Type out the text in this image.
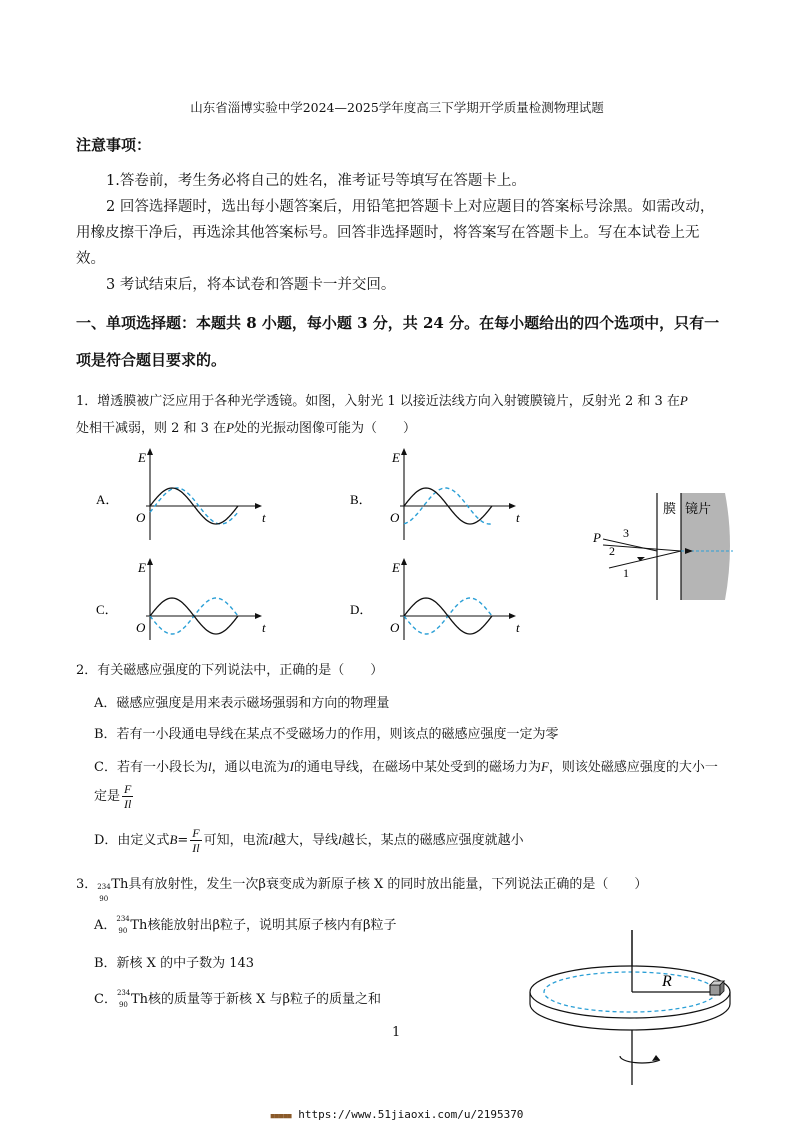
山东省淄博实验中学2024—2025学年度高三下学期开学质量检测物理试题
注意事项：

1.答卷前，考生务必将自己的姓名，准考证号等填写在答题卡上。

2 回答选择题时，选出每小题答案后，用铅笔把答题卡上对应题目的答案标号涂黑。如需改动，用橡皮擦干净后，再选涂其他答案标号。回答非选择题时，将答案写在答题卡上。写在本试卷上无效。

3 考试结束后，将本试卷和答题卡一并交回。

一、单项选择题：本题共 8 小题，每小题 3 分，共 24 分。在每小题给出的四个选项中，只有一项是符合题目要求的。
1．增透膜被广泛应用于各种光学透镜。如图，入射光 1 以接近法线方向入射镀膜镜片，反射光 2 和 3 在P
处相干减弱，则 2 和 3 在P处的光振动图像可能为（　　）
A．
E
t
O
B．
E
t
O
C．
E
t
O
D．
E
t
O
膜 镜片
P 3
2
1
2．有关磁感应强度的下列说法中，正确的是（　　）
A．磁感应强度是用来表示磁场强弱和方向的物理量
B．若有一小段通电导线在某点不受磁场力的作用，则该点的磁感应强度一定为零
C．若有一小段长为l，通以电流为I的通电导线，在磁场中某处受到的磁场力为F，则该处磁感应强度的大小一定是 $\frac{F}{Il}$
D．由定义式$B= \frac{F}{Il}$ 可知，电流I越大，导线l越长，某点的磁感应强度就越小
3． 234
90
Th具有放射性，发生一次β衰变成为新原子核 X 的同时放出能量，下列说法正确的是（　　）
A． 234
90 Th核能放射出β粒子，说明其原子核内有β粒子
B．新核 X 的中子数为 143
C． 234
90 Th核的质量等于新核 X 与β粒子的质量之和
R
1
■■■■■ https://www.51jiaoxi.com/u/2195370
